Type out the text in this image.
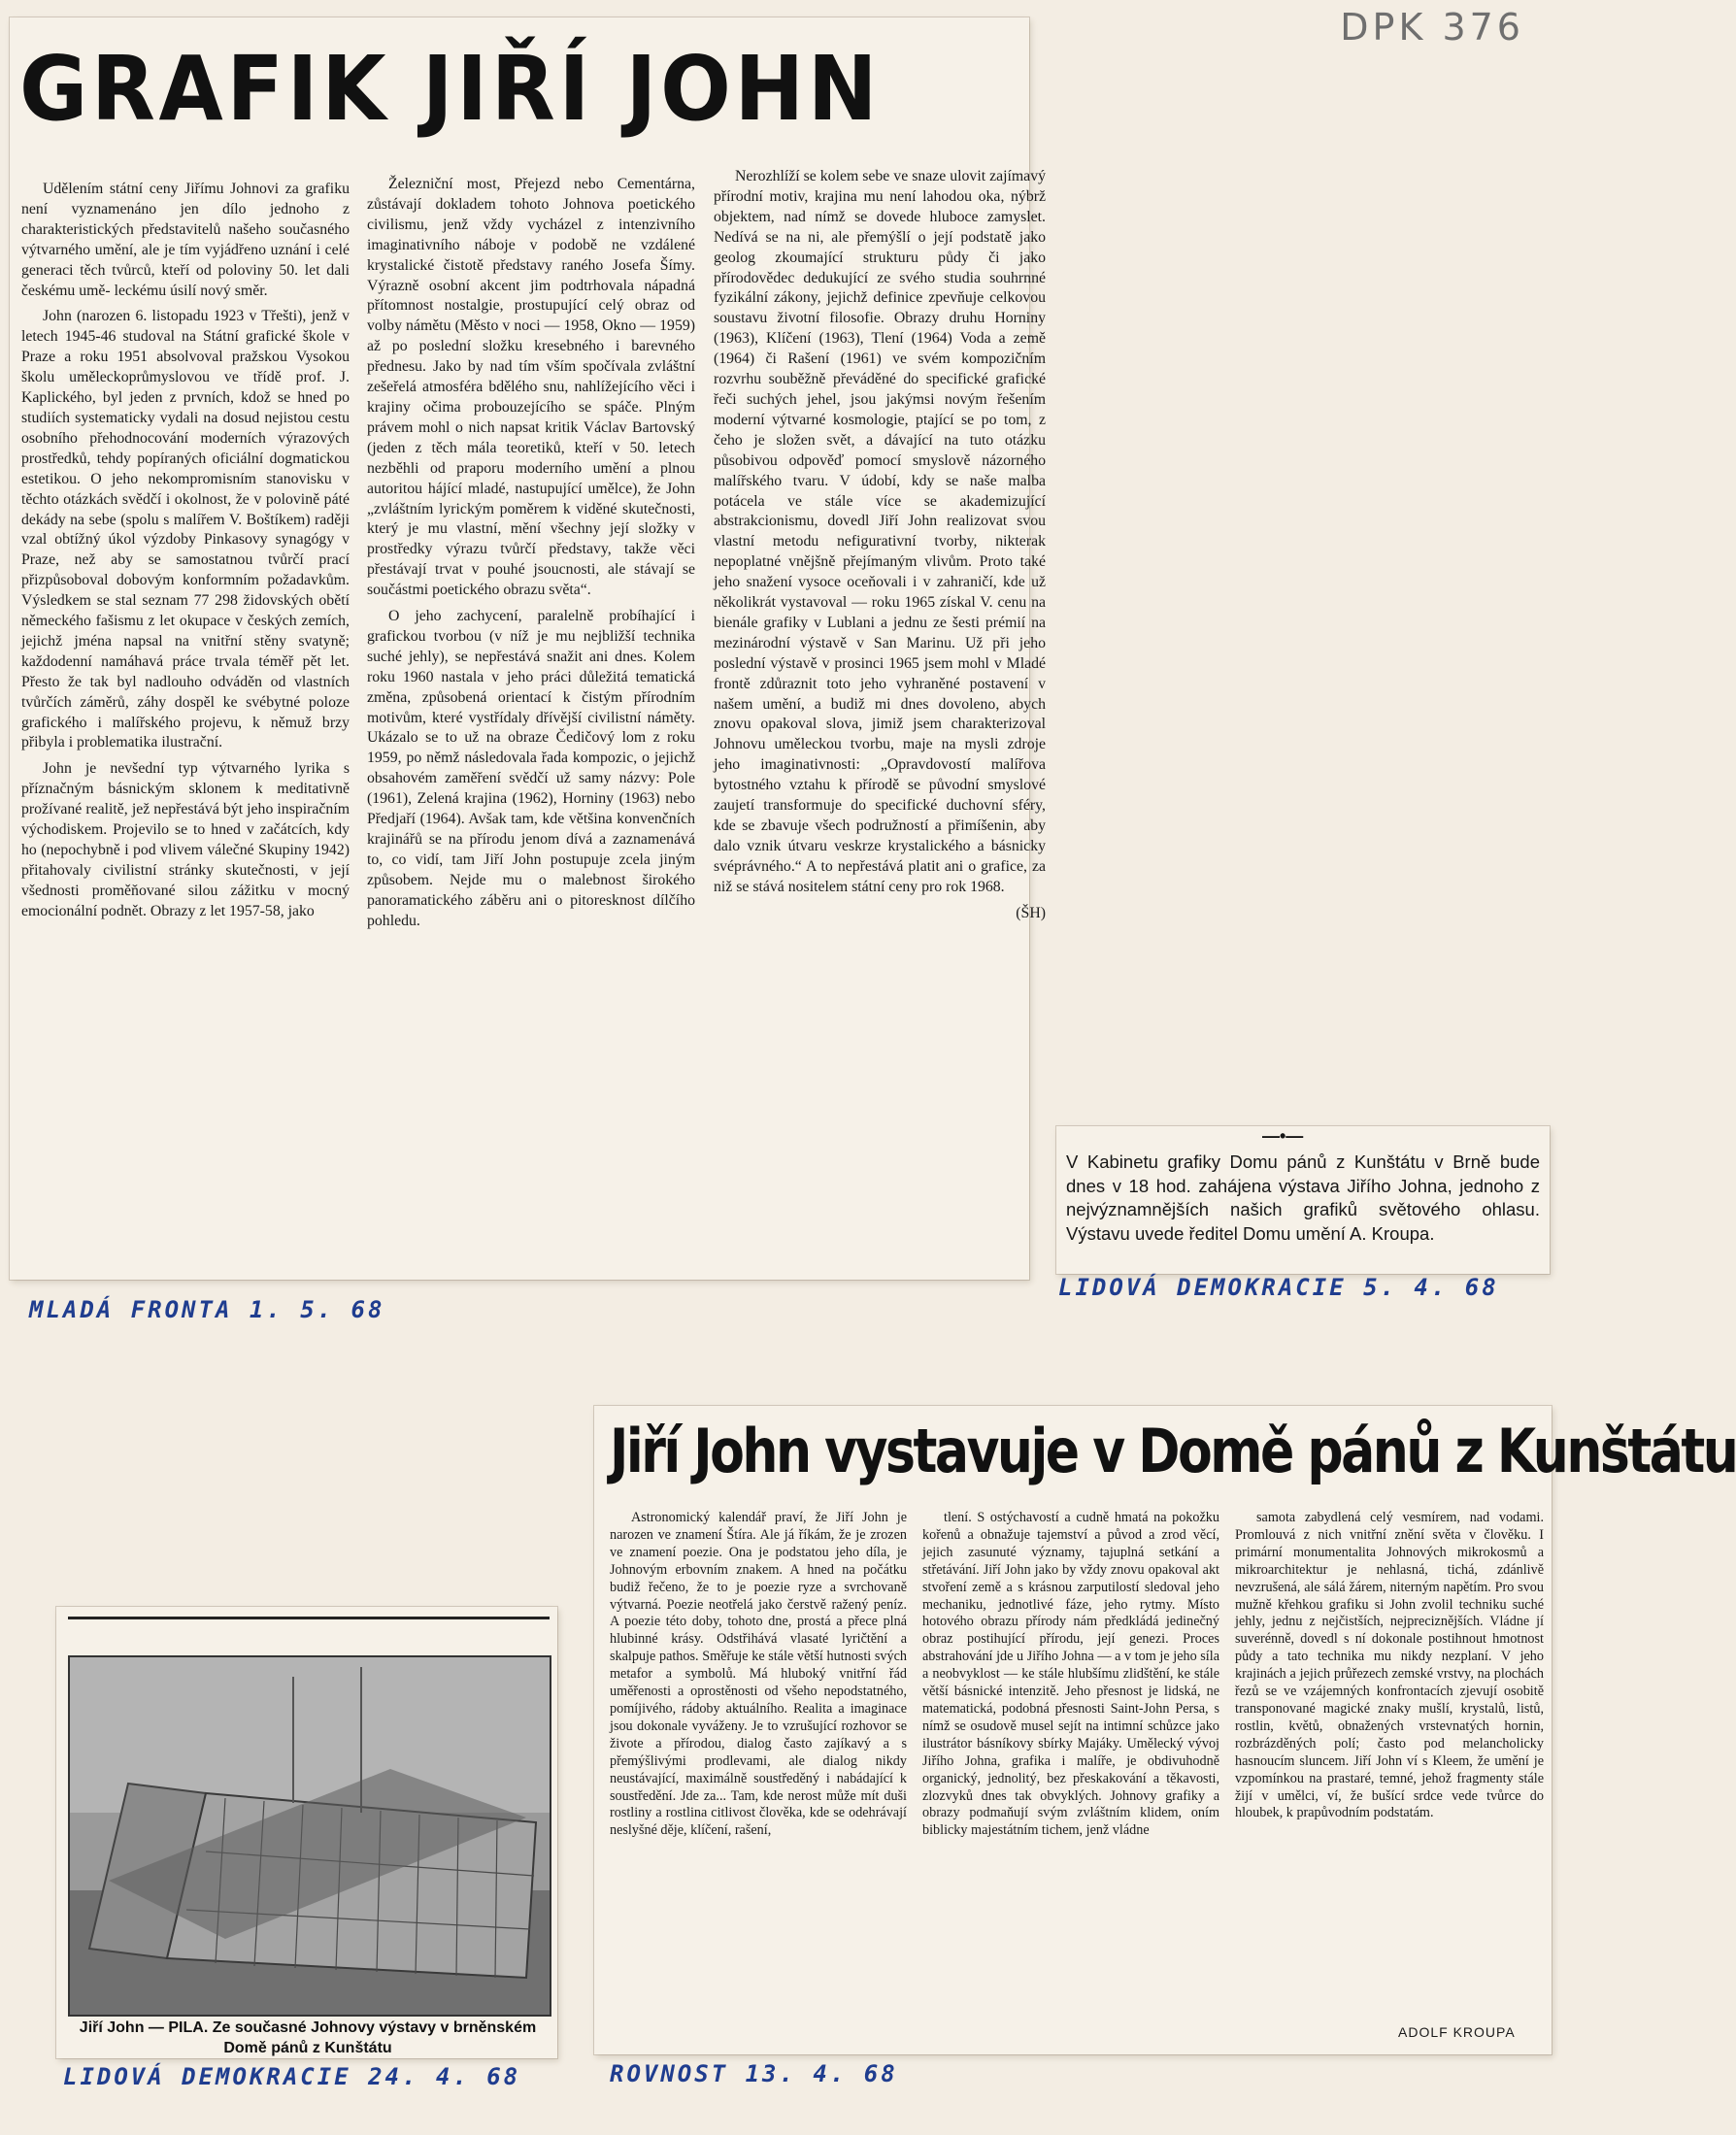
DPK 376
GRAFIK JIŘÍ JOHN

Udělením státní ceny Jiřímu Johnovi za grafiku není vyznamenáno jen dílo jednoho z charakteristických představitelů našeho současného výtvarného umění, ale je tím vyjádřeno uznání i celé generaci těch tvůrců, kteří od poloviny 50. let dali českému umě- leckému úsilí nový směr.

John (narozen 6. listopadu 1923 v Třešti), jenž v letech 1945-46 studoval na Státní grafické škole v Praze a roku 1951 absolvoval pražskou Vysokou školu uměleckoprůmyslovou ve třídě prof. J. Kaplického, byl jeden z prvních, kdož se hned po studiích systematicky vydali na dosud nejistou cestu osobního přehodnocování moderních výrazových prostředků, tehdy popíraných oficiální dogmatickou estetikou. O jeho nekompromisním stanovisku v těchto otázkách svědčí i okolnost, že v polovině páté dekády na sebe (spolu s malířem V. Boštíkem) raději vzal obtížný úkol výzdoby Pinkasovy synagógy v Praze, než aby se samostatnou tvůrčí prací přizpůsoboval dobovým konformním požadavkům. Výsledkem se stal seznam 77 298 židovských obětí německého fašismu z let okupace v českých zemích, jejichž jména napsal na vnitřní stěny svatyně; každodenní namáhavá práce trvala téměř pět let. Přesto že tak byl nadlouho odváděn od vlastních tvůrčích záměrů, záhy dospěl ke svébytné poloze grafického i malířského projevu, k němuž brzy přibyla i problematika ilustrační.

John je nevšední typ výtvarného lyrika s příznačným básnickým sklonem k meditativně prožívané realitě, jež nepřestává být jeho inspiračním východiskem. Projevilo se to hned v začátcích, kdy ho (nepochybně i pod vlivem válečné Skupiny 1942) přitahovaly civilistní stránky skutečnosti, v její všednosti proměňované silou zážitku v mocný emocionální podnět. Obrazy z let 1957-58, jako

Železniční most, Přejezd nebo Cementárna, zůstávají dokladem tohoto Johnova poetického civilismu, jenž vždy vycházel z intenzivního imaginativního náboje v podobě ne vzdálené krystalické čistotě představy raného Josefa Šímy. Výrazně osobní akcent jim podtrhovala nápadná přítomnost nostalgie, prostupující celý obraz od volby námětu (Město v noci — 1958, Okno — 1959) až po poslední složku kresebného i barevného přednesu. Jako by nad tím vším spočívala zvláštní zešeřelá atmosféra bdělého snu, nahlížejícího věci i krajiny očima probouzejícího se spáče. Plným právem mohl o nich napsat kritik Václav Bartovský (jeden z těch mála teoretiků, kteří v 50. letech nezběhli od praporu moderního umění a plnou autoritou hájící mladé, nastupující umělce), že John „zvláštním lyrickým poměrem k viděné skutečnosti, který je mu vlastní, mění všechny její složky v prostředky výrazu tvůrčí představy, takže věci přestávají trvat v pouhé jsoucnosti, ale stávají se součástmi poetického obrazu světa“.

O jeho zachycení, paralelně probíhající i grafickou tvorbou (v níž je mu nejbližší technika suché jehly), se nepřestává snažit ani dnes. Kolem roku 1960 nastala v jeho práci důležitá tematická změna, způsobená orientací k čistým přírodním motivům, které vystřídaly dřívější civilistní náměty. Ukázalo se to už na obraze Čedičový lom z roku 1959, po němž následovala řada kompozic, o jejichž obsahovém zaměření svědčí už samy názvy: Pole (1961), Zelená krajina (1962), Horniny (1963) nebo Předjaří (1964). Avšak tam, kde většina konvenčních krajinářů se na přírodu jenom dívá a zaznamenává to, co vidí, tam Jiří John postupuje zcela jiným způsobem. Nejde mu o malebnost širokého panoramatického záběru ani o pitoresknost dílčího pohledu.

Nerozhlíží se kolem sebe ve snaze ulovit zajímavý přírodní motiv, krajina mu není lahodou oka, nýbrž objektem, nad nímž se dovede hluboce zamyslet. Nedívá se na ni, ale přemýšlí o její podstatě jako geolog zkoumající strukturu půdy či jako přírodovědec dedukující ze svého studia souhrnné fyzikální zákony, jejichž definice zpevňuje celkovou soustavu životní filosofie. Obrazy druhu Horniny (1963), Klíčení (1963), Tlení (1964) Voda a země (1964) či Rašení (1961) ve svém kompozičním rozvrhu souběžně převáděné do specifické grafické řeči suchých jehel, jsou jakýmsi novým řešením moderní výtvarné kosmologie, ptající se po tom, z čeho je složen svět, a dávající na tuto otázku působivou odpověď pomocí smyslově názorného malířského tvaru. V údobí, kdy se naše malba potácela ve stále více se akademizující abstrakcionismu, dovedl Jiří John realizovat svou vlastní metodu nefigurativní tvorby, nikterak nepoplatné vnějšně přejímaným vlivům. Proto také jeho snažení vysoce oceňovali i v zahraničí, kde už několikrát vystavoval — roku 1965 získal V. cenu na bienále grafiky v Lublani a jednu ze šesti prémií na mezinárodní výstavě v San Marinu. Už při jeho poslední výstavě v prosinci 1965 jsem mohl v Mladé frontě zdůraznit toto jeho vyhraněné postavení v našem umění, a budiž mi dnes dovoleno, abych znovu opakoval slova, jimiž jsem charakterizoval Johnovu uměleckou tvorbu, maje na mysli zdroje jeho imaginativnosti: „Opravdovostí malířova bytostného vztahu k přírodě se původní smyslové zaujetí transformuje do specifické duchovní sféry, kde se zbavuje všech podružností a přimíšenin, aby dalo vznik útvaru veskrze krystalického a básnicky svéprávného.“ A to nepřestává platit ani o grafice, za niž se stává nositelem státní ceny pro rok 1968.

(ŠH)

MLADÁ FRONTA 1. 5. 68
—•—
V Kabinetu grafiky Domu pánů z Kunštátu v Brně bude dnes v 18 hod. zahájena výstava Jiřího Johna, jednoho z nejvýznamnějších našich grafiků světového ohlasu. Výstavu uvede ředitel Domu umění A. Kroupa.
LIDOVÁ DEMOKRACIE 5. 4. 68
Jiří John — PILA. Ze současné Johnovy výstavy v brněnském Domě pánů z Kunštátu
LIDOVÁ DEMOKRACIE 24. 4. 68
Jiří John vystavuje v Domě pánů z Kunštátu

Astronomický kalendář praví, že Jiří John je narozen ve znamení Štíra. Ale já říkám, že je zrozen ve znamení poezie. Ona je podstatou jeho díla, je Johnovým erbovním znakem. A hned na počátku budiž řečeno, že to je poezie ryze a svrchovaně výtvarná. Poezie neotřelá jako čerstvě ražený peníz. A poezie této doby, tohoto dne, prostá a přece plná hlubinné krásy. Odstřihává vlasaté lyričtění a skalpuje pathos. Směřuje ke stále větší hutnosti svých metafor a symbolů. Má hluboký vnitřní řád uměřenosti a oprostěnosti od všeho nepodstatného, pomíjivého, rádoby aktuálního. Realita a imaginace jsou dokonale vyváženy. Je to vzrušující rozhovor se živote a přírodou, dialog často zajíkavý a s přemýšlivými prodlevami, ale dialog nikdy neustávající, maximálně soustředěný i nabádající k soustředění. Jde za... Tam, kde nerost může mít duši rostliny a rostlina citlivost člověka, kde se odehrávají neslyšné děje, klíčení, rašení,

tlení. S ostýchavostí a cudně hmatá na pokožku kořenů a obnažuje tajemství a původ a zrod věcí, jejich zasunuté významy, tajuplná setkání a střetávání. Jiří John jako by vždy znovu opakoval akt stvoření země a s krásnou zarputilostí sledoval jeho mechaniku, jednotlivé fáze, jeho rytmy. Místo hotového obrazu přírody nám předkládá jedinečný obraz postihující přírodu, její genezi. Proces abstrahování jde u Jiřího Johna — a v tom je jeho síla a neobvyklost — ke stále hlubšímu zlidštění, ke stále větší básnické intenzitě. Jeho přesnost je lidská, ne matematická, podobná přesnosti Saint-John Persa, s nímž se osudově musel sejít na intimní schůzce jako ilustrátor básníkovy sbírky Majáky. Umělecký vývoj Jiřího Johna, grafika i malíře, je obdivuhodně organický, jednolitý, bez přeskakování a těkavosti, zlozvyků dnes tak obvyklých. Johnovy grafiky a obrazy podmaňují svým zvláštním klidem, oním biblicky majestátním tichem, jenž vládne

samota zabydlená celý vesmírem, nad vodami. Promlouvá z nich vnitřní znění světa v člověku. I primární monumentalita Johnových mikrokosmů a mikroarchitektur je nehlasná, tichá, zdánlivě nevzrušená, ale sálá žárem, niterným napětím. Pro svou mužně křehkou grafiku si John zvolil techniku suché jehly, jednu z nejčistších, nejpreciznějších. Vládne jí suverénně, dovedl s ní dokonale postihnout hmotnost půdy a tato technika mu nikdy nezplaní. V jeho krajinách a jejich průřezech zemské vrstvy, na plochách řezů se ve vzájemných konfrontacích zjevují osobitě transponované magické znaky mušlí, krystalů, listů, rostlin, květů, obnažených vrstevnatých hornin, rozbrázděných polí; často pod melancholicky hasnoucím sluncem. Jiří John ví s Kleem, že umění je vzpomínkou na prastaré, temné, jehož fragmenty stále žijí v umělci, ví, že bušící srdce vede tvůrce do hloubek, k prapůvodním podstatám.

ADOLF KROUPA
ROVNOST 13. 4. 68
